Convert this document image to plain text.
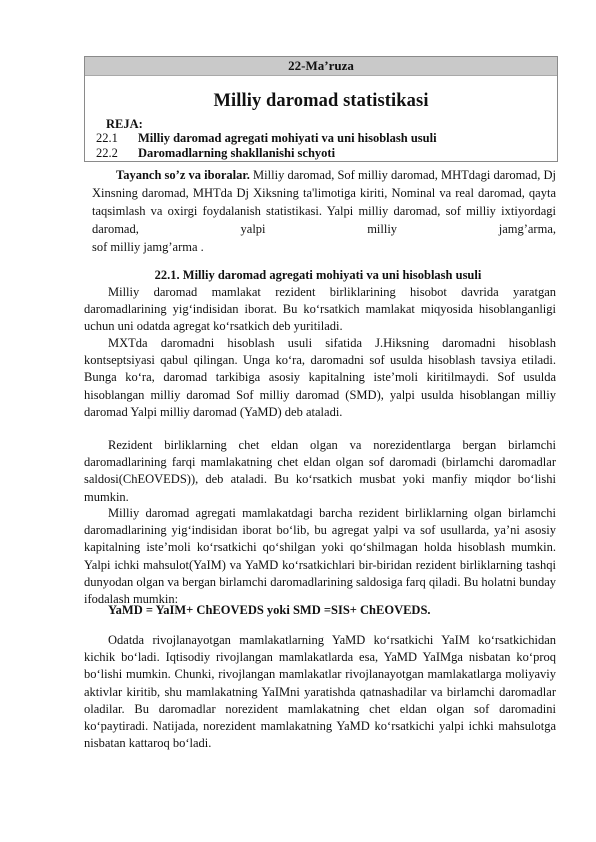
22-Ma’ruza
Milliy daromad statistikasi
REJA:
22.1 Milliy daromad agregati mohiyati va uni hisoblash usuli
22.2 Daromadlarning shakllanishi schyoti

Tayanch so’z va iboralar. Milliy daromad, Sof milliy daromad, MHTdagi daromad, Dj Xinsning daromad, MHTda Dj Xiksning ta'limotiga kiriti, Nominal va real daromad, qayta taqsimlash va oxirgi foydalanish statistikasi. Yalpi milliy daromad, sof milliy ixtiyordagi daromad, yalpi milliy jamg’arma,

sof milliy jamg’arma .

22.1. Milliy daromad agregati mohiyati va uni hisoblash usuli

Milliy daromad mamlakat rezident birliklarining hisobot davrida yaratgan daromadlarining yig‘indisidan iborat. Bu ko‘rsatkich mamlakat miqyosida hisoblanganligi uchun uni odatda agregat ko‘rsatkich deb yuritiladi.

MXTda daromadni hisoblash usuli sifatida J.Hiksning daromadni hisoblash kontseptsiyasi qabul qilingan. Unga ko‘ra, daromadni sof usulda hisoblash tavsiya etiladi. Bunga ko‘ra, daromad tarkibiga asosiy kapitalning iste’moli kiritilmaydi. Sof usulda hisoblangan milliy daromad Sof milliy daromad (SMD), yalpi usulda hisoblangan milliy daromad Yalpi milliy daromad (YaMD) deb ataladi.

Rezident birliklarning chet eldan olgan va norezidentlarga bergan birlamchi daromadlarining farqi mamlakatning chet eldan olgan sof daromadi (birlamchi daromadlar saldosi(ChEOVEDS)), deb ataladi. Bu ko‘rsatkich musbat yoki manfiy miqdor bo‘lishi mumkin.

Milliy daromad agregati mamlakatdagi barcha rezident birliklarning olgan birlamchi daromadlarining yig‘indisidan iborat bo‘lib, bu agregat yalpi va sof usullarda, ya’ni asosiy kapitalning iste’moli ko‘rsatkichi qo‘shilgan yoki qo‘shilmagan holda hisoblash mumkin. Yalpi ichki mahsulot(YaIM) va YaMD ko‘rsatkichlari bir-biridan rezident birliklarning tashqi dunyodan olgan va bergan birlamchi daromadlarining saldosiga farq qiladi. Bu holatni bunday ifodalash mumkin:

YaMD = YaIM+ ChEOVEDS yoki SMD =SIS+ ChEOVEDS.

Odatda rivojlanayotgan mamlakatlarning YaMD ko‘rsatkichi YaIM ko‘rsatkichidan kichik bo‘ladi. Iqtisodiy rivojlangan mamlakatlarda esa, YaMD YaIMga nisbatan ko‘proq bo‘lishi mumkin. Chunki, rivojlangan mamlakatlar rivojlanayotgan mamlakatlarga moliyaviy aktivlar kiritib, shu mamlakatning YaIMni yaratishda qatnashadilar va birlamchi daromadlar oladilar. Bu daromadlar norezident mamlakatning chet eldan olgan sof daromadini ko‘paytiradi. Natijada, norezident mamlakatning YaMD ko‘rsatkichi yalpi ichki mahsulotga nisbatan kattaroq bo‘ladi.
